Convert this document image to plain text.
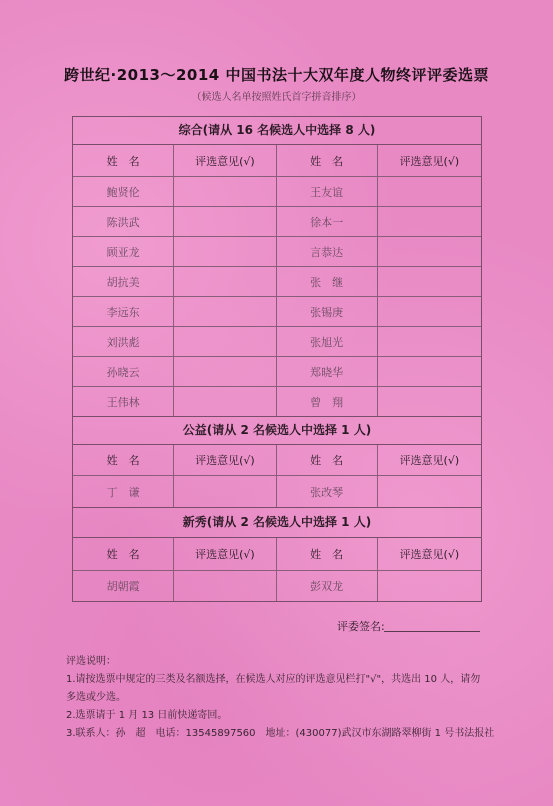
跨世纪·2013～2014 中国书法十大双年度人物终评评委选票
（候选人名单按照姓氏首字拼音排序）
综合(请从 16 名候选人中选择 8 人)
姓　名	评选意见(√)	姓　名	评选意见(√)
鲍贤伦	王友谊
陈洪武	徐本一
顾亚龙	言恭达
胡抗美	张　继
李远东	张锡庚
刘洪彪	张旭光
孙晓云	郑晓华
王伟林	曾　翔
公益(请从 2 名候选人中选择 1 人)
姓　名	评选意见(√)	姓　名	评选意见(√)
丁　谦	张改琴
新秀(请从 2 名候选人中选择 1 人)
姓　名	评选意见(√)	姓　名	评选意见(√)
胡朝霞	彭双龙
评委签名:

评选说明：

1.请按选票中规定的三类及名额选择，在候选人对应的评选意见栏打"√"，共选出 10 人，请勿

多选或少选。

2.选票请于 1 月 13 日前快递寄回。

3.联系人：孙　超　电话：13545897560　地址：(430077)武汉市东湖路翠柳街 1 号书法报社
